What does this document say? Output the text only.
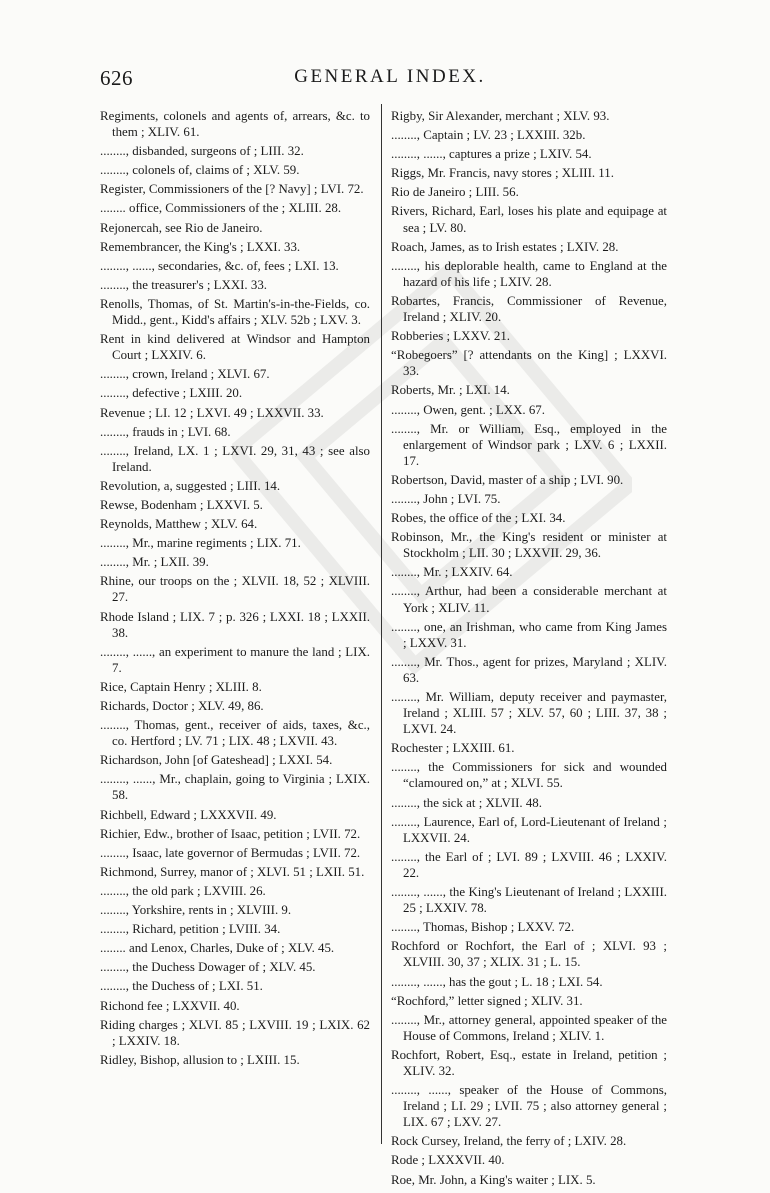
626	GENERAL INDEX.
Regiments, colonels and agents of, arrears, &c. to them ; XLIV. 61.
........, disbanded, surgeons of ; LIII. 32.
........, colonels of, claims of ; XLV. 59.
Register, Commissioners of the [? Navy] ; LVI. 72.
........ office, Commissioners of the ; XLIII. 28.
Rejonercah, see Rio de Janeiro.
Remembrancer, the King's ; LXXI. 33.
........, ......, secondaries, &c. of, fees ; LXI. 13.
........, the treasurer's ; LXXI. 33.
Renolls, Thomas, of St. Martin's-in-the-Fields, co. Midd., gent., Kidd's affairs ; XLV. 52b ; LXV. 3.
Rent in kind delivered at Windsor and Hampton Court ; LXXIV. 6.
........, crown, Ireland ; XLVI. 67.
........, defective ; LXIII. 20.
Revenue ; LI. 12 ; LXVI. 49 ; LXXVII. 33.
........, frauds in ; LVI. 68.
........, Ireland, LX. 1 ; LXVI. 29, 31, 43 ; see also Ireland.
Revolution, a, suggested ; LIII. 14.
Rewse, Bodenham ; LXXVI. 5.
Reynolds, Matthew ; XLV. 64.
........, Mr., marine regiments ; LIX. 71.
........, Mr. ; LXII. 39.
Rhine, our troops on the ; XLVII. 18, 52 ; XLVIII. 27.
Rhode Island ; LIX. 7 ; p. 326 ; LXXI. 18 ; LXXII. 38.
........, ......, an experiment to manure the land ; LIX. 7.
Rice, Captain Henry ; XLIII. 8.
Richards, Doctor ; XLV. 49, 86.
........, Thomas, gent., receiver of aids, taxes, &c., co. Hertford ; LV. 71 ; LIX. 48 ; LXVII. 43.
Richardson, John [of Gateshead] ; LXXI. 54.
........, ......, Mr., chaplain, going to Virginia ; LXIX. 58.
Richbell, Edward ; LXXXVII. 49.
Richier, Edw., brother of Isaac, petition ; LVII. 72.
........, Isaac, late governor of Bermudas ; LVII. 72.
Richmond, Surrey, manor of ; XLVI. 51 ; LXII. 51.
........, the old park ; LXVIII. 26.
........, Yorkshire, rents in ; XLVIII. 9.
........, Richard, petition ; LVIII. 34.
........ and Lenox, Charles, Duke of ; XLV. 45.
........, the Duchess Dowager of ; XLV. 45.
........, the Duchess of ; LXI. 51.
Richond fee ; LXXVII. 40.
Riding charges ; XLVI. 85 ; LXVIII. 19 ; LXIX. 62 ; LXXIV. 18.
Ridley, Bishop, allusion to ; LXIII. 15.
Rigby, Sir Alexander, merchant ; XLV. 93.
........, Captain ; LV. 23 ; LXXIII. 32b.
........, ......, captures a prize ; LXIV. 54.
Riggs, Mr. Francis, navy stores ; XLIII. 11.
Rio de Janeiro ; LIII. 56.
Rivers, Richard, Earl, loses his plate and equipage at sea ; LV. 80.
Roach, James, as to Irish estates ; LXIV. 28.
........, his deplorable health, came to England at the hazard of his life ; LXIV. 28.
Robartes, Francis, Commissioner of Revenue, Ireland ; XLIV. 20.
Robberies ; LXXV. 21.
“Robegoers” [? attendants on the King] ; LXXVI. 33.
Roberts, Mr. ; LXI. 14.
........, Owen, gent. ; LXX. 67.
........, Mr. or William, Esq., employed in the enlargement of Windsor park ; LXV. 6 ; LXXII. 17.
Robertson, David, master of a ship ; LVI. 90.
........, John ; LVI. 75.
Robes, the office of the ; LXI. 34.
Robinson, Mr., the King's resident or minister at Stockholm ; LII. 30 ; LXXVII. 29, 36.
........, Mr. ; LXXIV. 64.
........, Arthur, had been a considerable merchant at York ; XLIV. 11.
........, one, an Irishman, who came from King James ; LXXV. 31.
........, Mr. Thos., agent for prizes, Maryland ; XLIV. 63.
........, Mr. William, deputy receiver and paymaster, Ireland ; XLIII. 57 ; XLV. 57, 60 ; LIII. 37, 38 ; LXVI. 24.
Rochester ; LXXIII. 61.
........, the Commissioners for sick and wounded “clamoured on,” at ; XLVI. 55.
........, the sick at ; XLVII. 48.
........, Laurence, Earl of, Lord-Lieutenant of Ireland ; LXXVII. 24.
........, the Earl of ; LVI. 89 ; LXVIII. 46 ; LXXIV. 22.
........, ......, the King's Lieutenant of Ireland ; LXXIII. 25 ; LXXIV. 78.
........, Thomas, Bishop ; LXXV. 72.
Rochford or Rochfort, the Earl of ; XLVI. 93 ; XLVIII. 30, 37 ; XLIX. 31 ; L. 15.
........, ......, has the gout ; L. 18 ; LXI. 54.
“Rochford,” letter signed ; XLIV. 31.
........, Mr., attorney general, appointed speaker of the House of Commons, Ireland ; XLIV. 1.
Rochfort, Robert, Esq., estate in Ireland, petition ; XLIV. 32.
........, ......, speaker of the House of Commons, Ireland ; LI. 29 ; LVII. 75 ; also attorney general ; LIX. 67 ; LXV. 27.
Rock Cursey, Ireland, the ferry of ; LXIV. 28.
Rode ; LXXXVII. 40.
Roe, Mr. John, a King's waiter ; LIX. 5.
